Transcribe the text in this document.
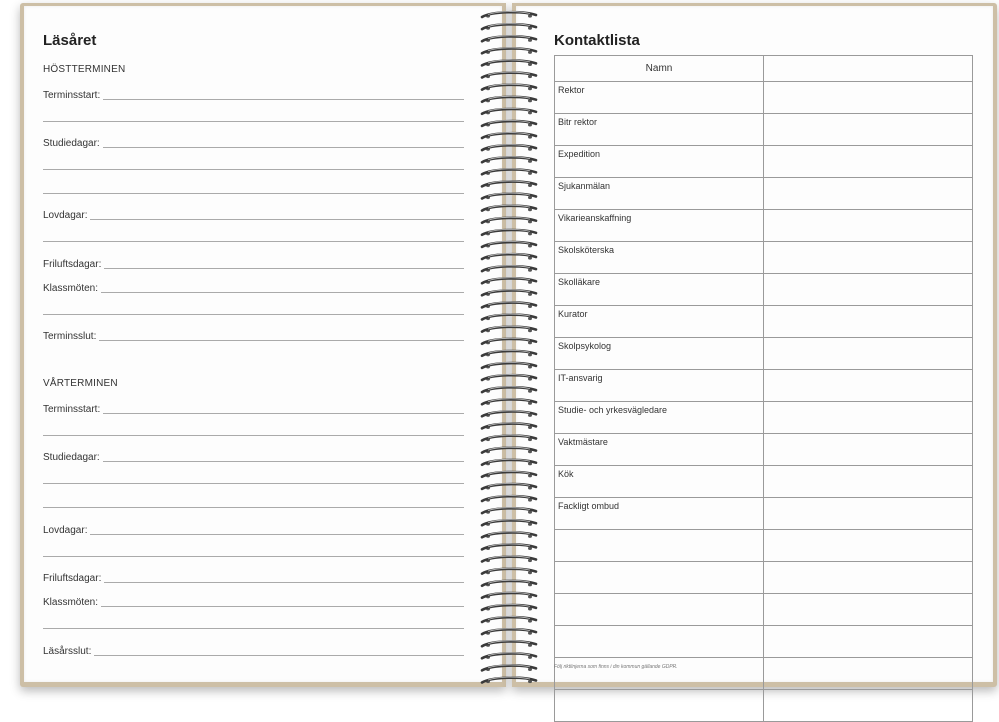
Läsåret
HÖSTTERMINEN
Terminsstart:
Studiedagar:
Lovdagar:
Friluftsdagar:
Klassmöten:
Terminsslut:
VÅRTERMINEN
Terminsstart:
Studiedagar:
Lovdagar:
Friluftsdagar:
Klassmöten:
Läsårsslut:
Kontaktlista
Namn	
Rektor	
Bitr rektor	
Expedition	
Sjukanmälan	
Vikarieanskaffning	
Skolsköterska	
Skolläkare	
Kurator	
Skolpsykolog	
IT-ansvarig	
Studie- och yrkesvägledare	
Vaktmästare	
Kök	
Fackligt ombud	

Följ riktlinjerna som finns i din kommun gällande GDPR.
